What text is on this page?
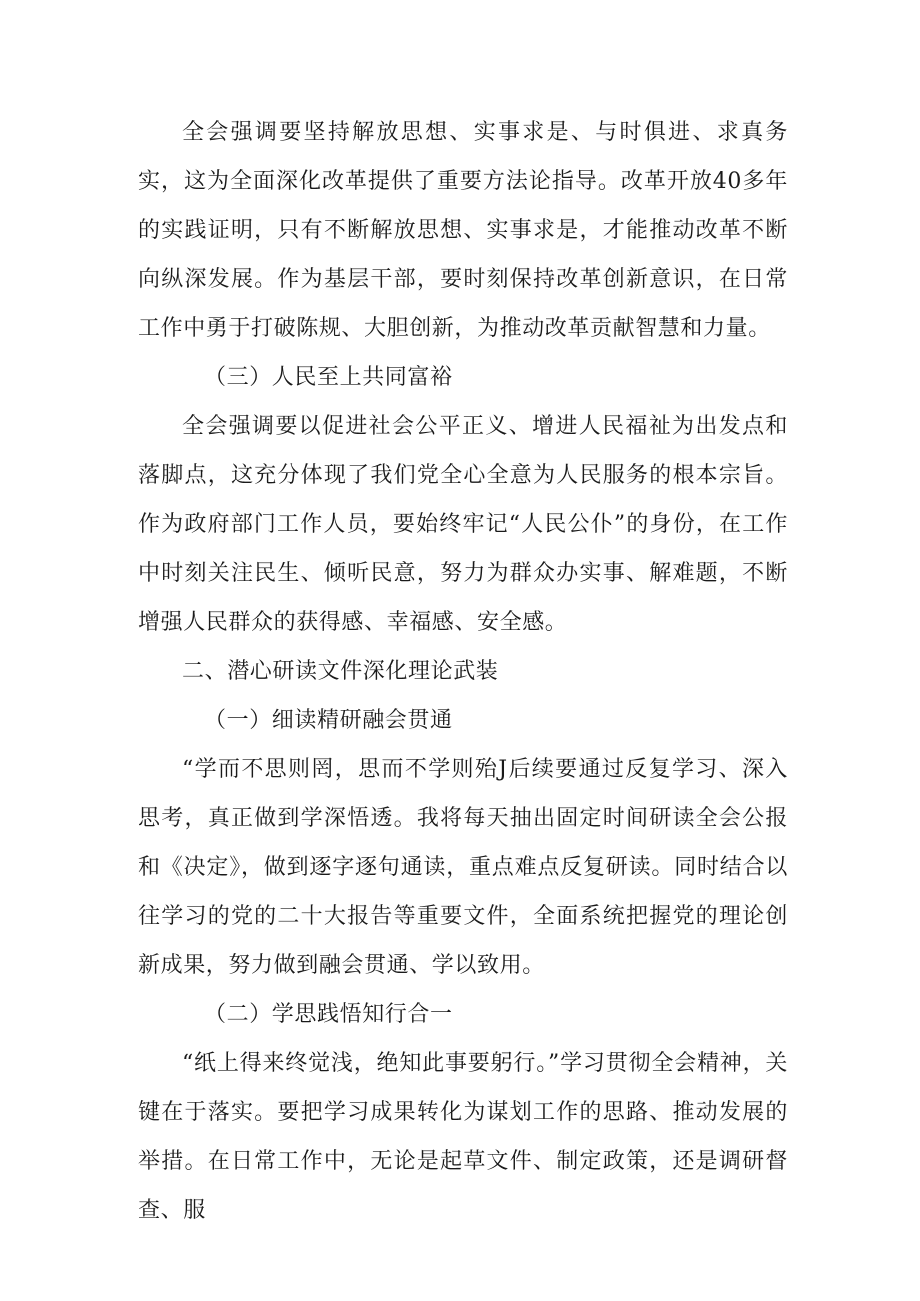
全会强调要坚持解放思想、实事求是、与时俱进、求真务实，这为全面深化改革提供了重要方法论指导。改革开放40多年的实践证明，只有不断解放思想、实事求是，才能推动改革不断向纵深发展。作为基层干部，要时刻保持改革创新意识，在日常工作中勇于打破陈规、大胆创新，为推动改革贡献智慧和力量。

（三）人民至上共同富裕

全会强调要以促进社会公平正义、增进人民福祉为出发点和落脚点，这充分体现了我们党全心全意为人民服务的根本宗旨。作为政府部门工作人员，要始终牢记“人民公仆”的身份，在工作中时刻关注民生、倾听民意，努力为群众办实事、解难题，不断增强人民群众的获得感、幸福感、安全感。

二、潜心研读文件深化理论武装

（一）细读精研融会贯通

“学而不思则罔，思而不学则殆J后续要通过反复学习、深入思考，真正做到学深悟透。我将每天抽出固定时间研读全会公报和《决定》，做到逐字逐句通读，重点难点反复研读。同时结合以往学习的党的二十大报告等重要文件，全面系统把握党的理论创新成果，努力做到融会贯通、学以致用。

（二）学思践悟知行合一

“纸上得来终觉浅，绝知此事要躬行。”学习贯彻全会精神，关键在于落实。要把学习成果转化为谋划工作的思路、推动发展的举措。在日常工作中，无论是起草文件、制定政策，还是调研督查、服
